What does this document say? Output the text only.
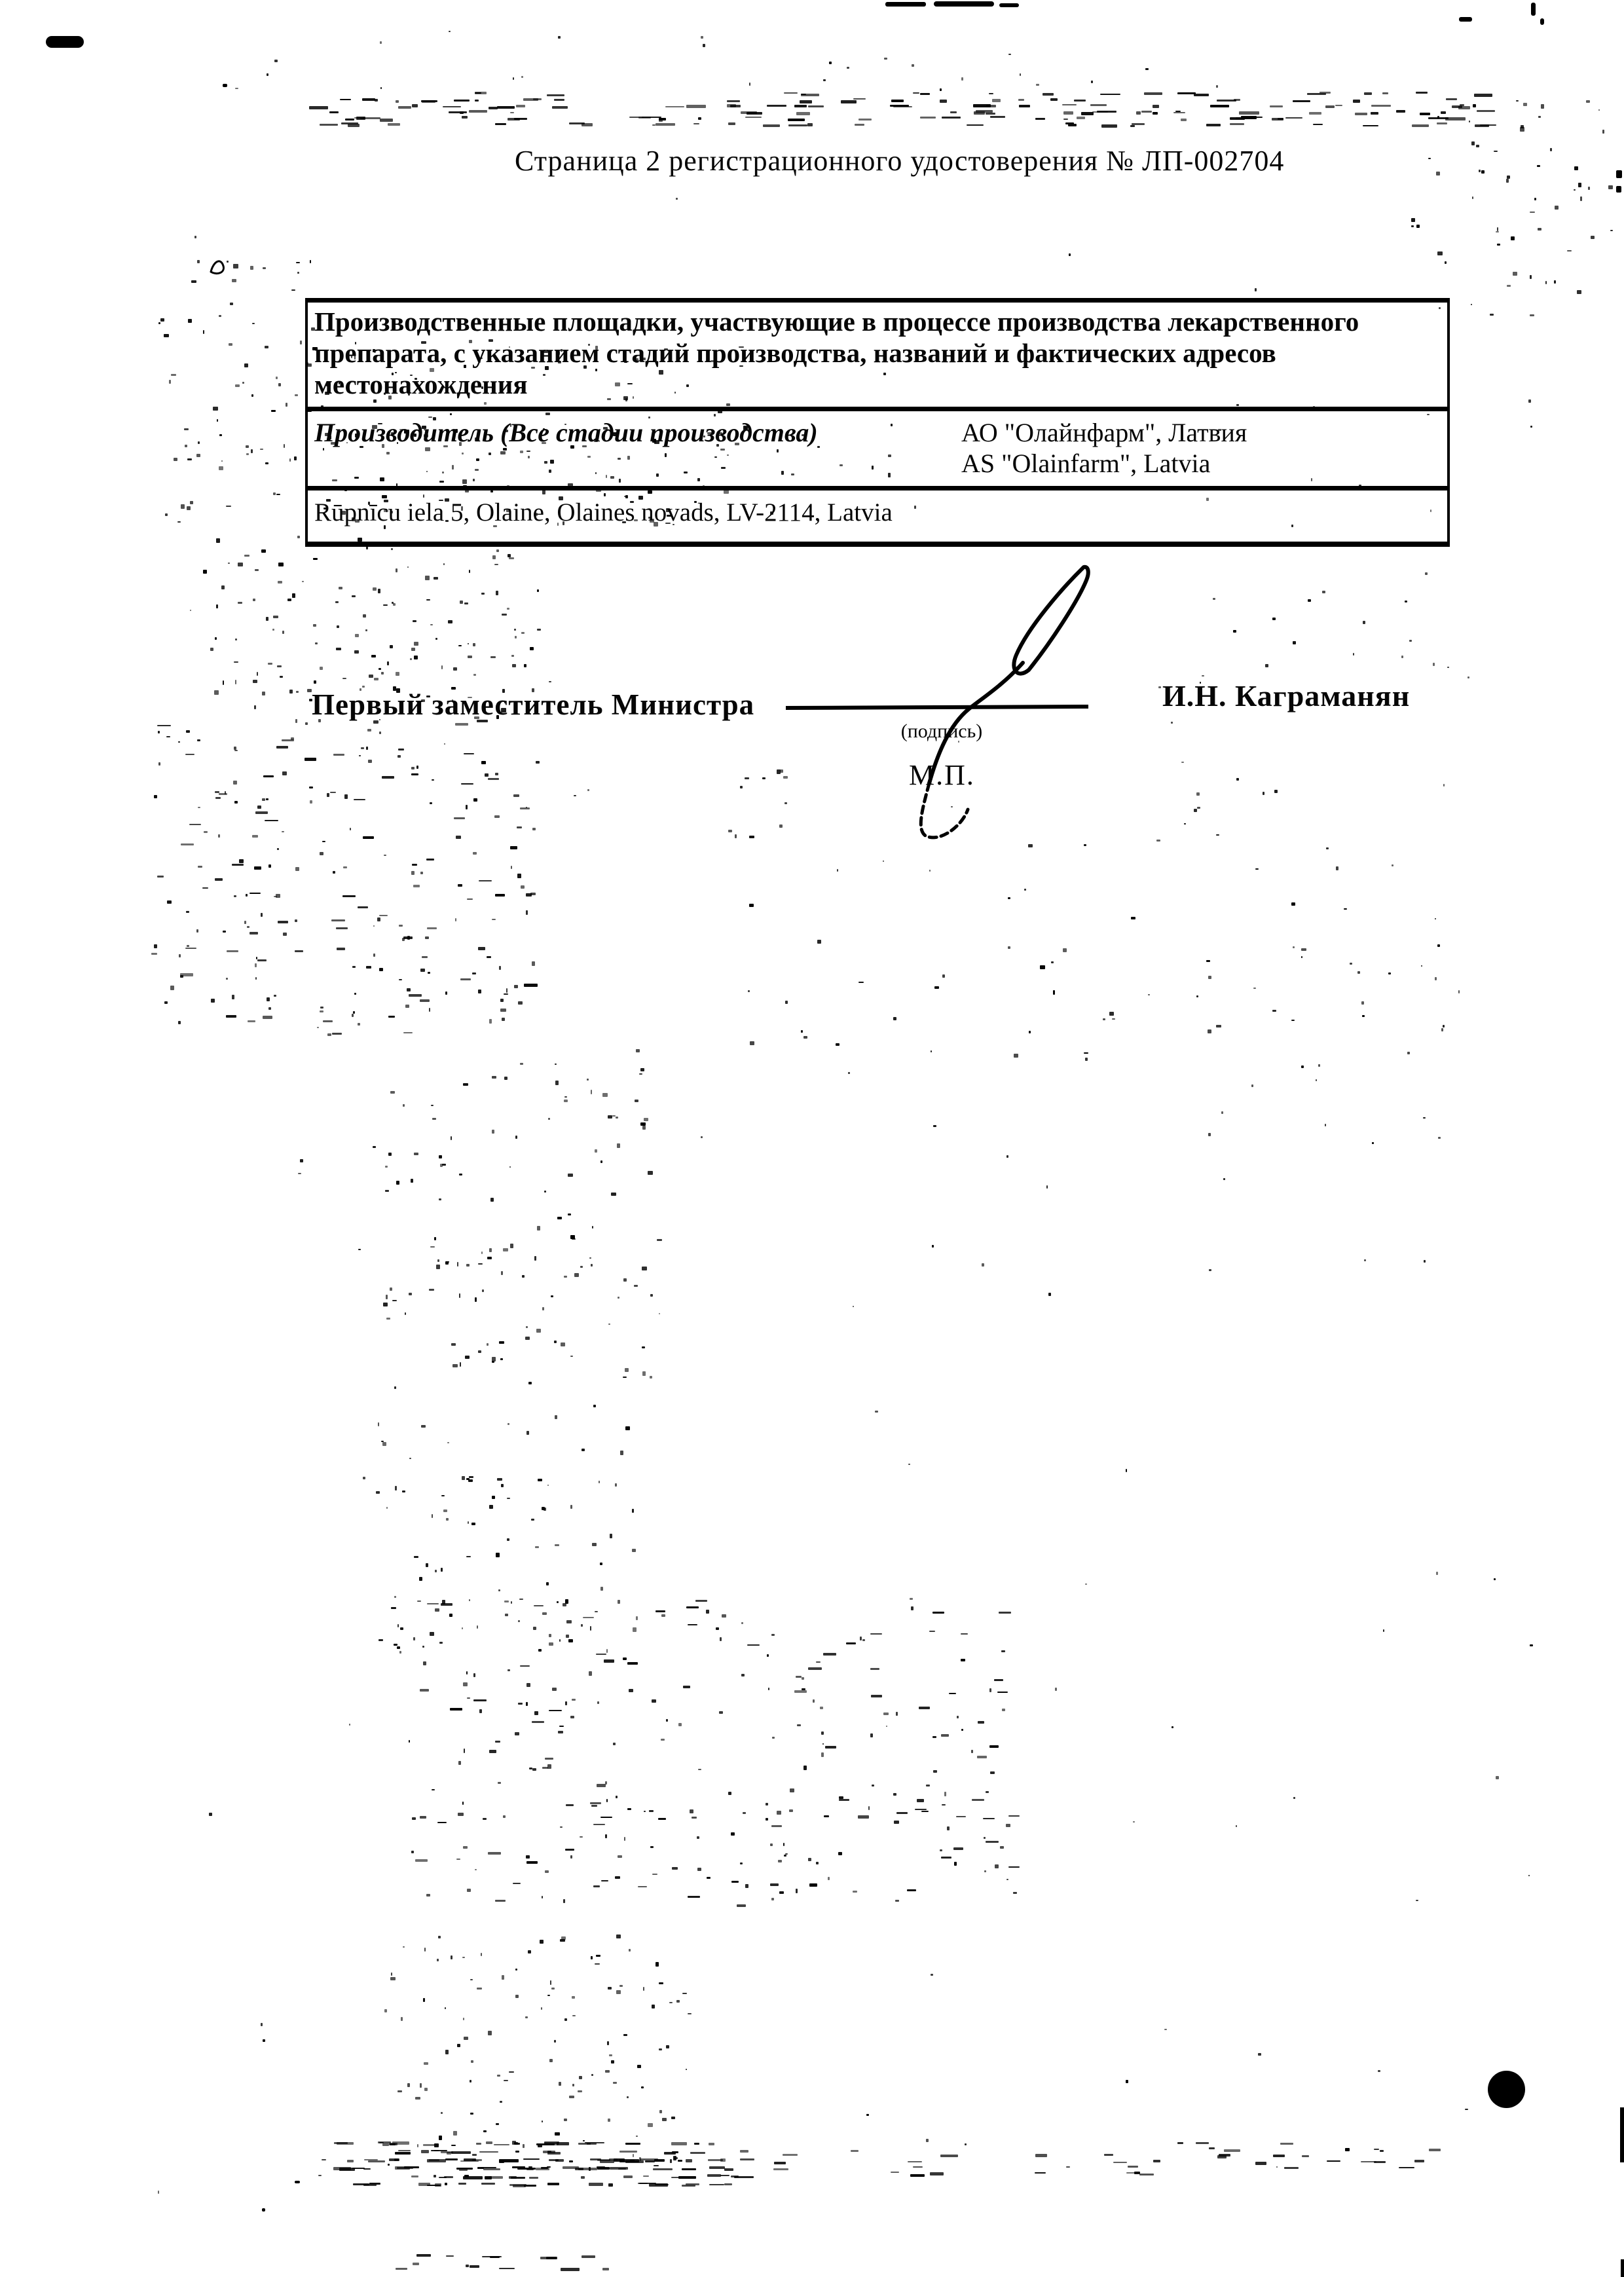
Страница 2 регистрационного удостоверения № ЛП-002704
Производственные площадки, участвующие в процессе производства лекарственного
препарата, с указанием стадий производства, названий и фактических адресов
местонахождения
Производитель (Все стадии производства)	АО "Олайнфарм", Латвия
AS "Olainfarm", Latvia
Rūpnīcu iela 5, Olaine, Olaines novads, LV-2114, Latvia
Первый заместитель Министра
(подпись)
М.П.
И.Н. Каграманян
